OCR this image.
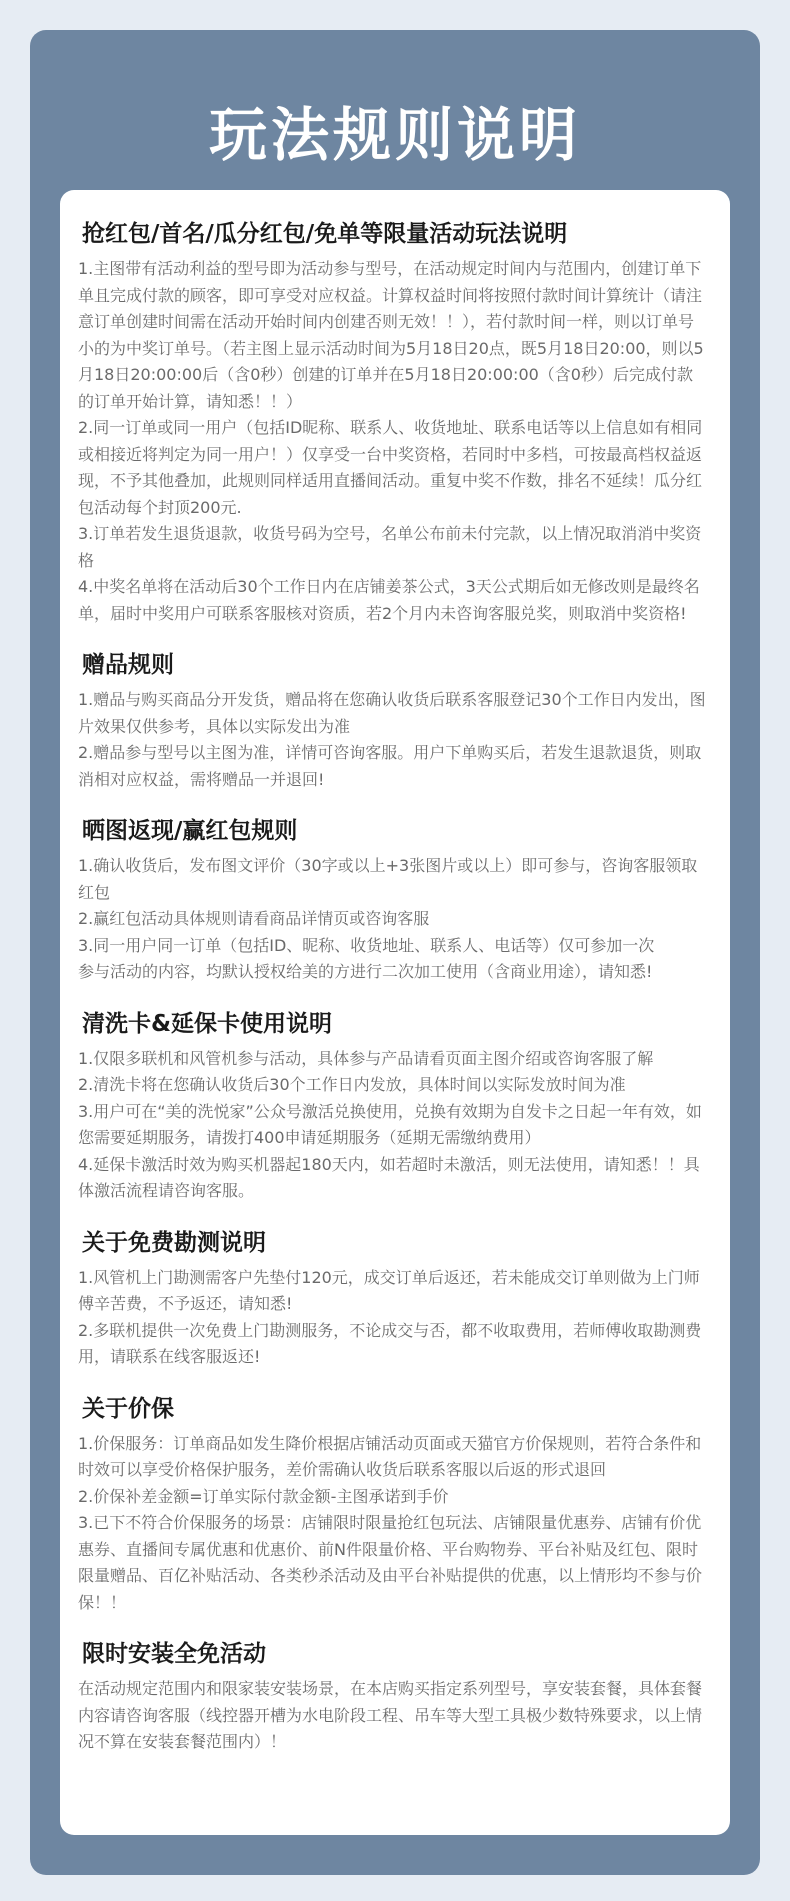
玩法规则说明
抢红包/首名/瓜分红包/免单等限量活动玩法说明
1.主图带有活动利益的型号即为活动参与型号，在活动规定时间内与范围内，创建订单下单且完成付款的顾客，即可享受对应权益。计算权益时间将按照付款时间计算统计（请注意订单创建时间需在活动开始时间内创建否则无效！！），若付款时间一样，则以订单号小的为中奖订单号。（若主图上显示活动时间为5月18日20点，既5月18日20:00，则以5月18日20:00:00后（含0秒）创建的订单并在5月18日20:00:00（含0秒）后完成付款的订单开始计算，请知悉！！）
2.同一订单或同一用户（包括ID昵称、联系人、收货地址、联系电话等以上信息如有相同或相接近将判定为同一用户！）仅享受一台中奖资格，若同时中多档，可按最高档权益返现，不予其他叠加，此规则同样适用直播间活动。重复中奖不作数，排名不延续！瓜分红包活动每个封顶200元.
3.订单若发生退货退款，收货号码为空号，名单公布前未付完款，以上情况取消消中奖资格
4.中奖名单将在活动后30个工作日内在店铺姜茶公式，3天公式期后如无修改则是最终名单，届时中奖用户可联系客服核对资质，若2个月内未咨询客服兑奖，则取消中奖资格!
赠品规则
1.赠品与购买商品分开发货，赠品将在您确认收货后联系客服登记30个工作日内发出，图片效果仅供参考，具体以实际发出为准
2.赠品参与型号以主图为准，详情可咨询客服。用户下单购买后，若发生退款退货，则取消相对应权益，需将赠品一并退回!
晒图返现/赢红包规则
1.确认收货后，发布图文评价（30字或以上+3张图片或以上）即可参与，咨询客服领取红包
2.赢红包活动具体规则请看商品详情页或咨询客服
3.同一用户同一订单（包括ID、昵称、收货地址、联系人、电话等）仅可参加一次
参与活动的内容，均默认授权给美的方进行二次加工使用（含商业用途），请知悉!
清洗卡&延保卡使用说明
1.仅限多联机和风管机参与活动，具体参与产品请看页面主图介绍或咨询客服了解
2.清洗卡将在您确认收货后30个工作日内发放，具体时间以实际发放时间为准
3.用户可在“美的洗悦家”公众号激活兑换使用，兑换有效期为自发卡之日起一年有效，如您需要延期服务，请拨打400申请延期服务（延期无需缴纳费用）
4.延保卡激活时效为购买机器起180天内，如若超时未激活，则无法使用，请知悉！！具体激活流程请咨询客服。
关于免费勘测说明
1.风管机上门勘测需客户先垫付120元，成交订单后返还，若未能成交订单则做为上门师傅辛苦费，不予返还，请知悉!
2.多联机提供一次免费上门勘测服务，不论成交与否，都不收取费用，若师傅收取勘测费用，请联系在线客服返还!
关于价保
1.价保服务：订单商品如发生降价根据店铺活动页面或天猫官方价保规则，若符合条件和时效可以享受价格保护服务，差价需确认收货后联系客服以后返的形式退回
2.价保补差金额=订单实际付款金额-主图承诺到手价
3.已下不符合价保服务的场景：店铺限时限量抢红包玩法、店铺限量优惠券、店铺有价优惠券、直播间专属优惠和优惠价、前N件限量价格、平台购物券、平台补贴及红包、限时限量赠品、百亿补贴活动、各类秒杀活动及由平台补贴提供的优惠，以上情形均不参与价保！！
限时安装全免活动
在活动规定范围内和限家装安装场景，在本店购买指定系列型号，享安装套餐，具体套餐内容请咨询客服（线控器开槽为水电阶段工程、吊车等大型工具极少数特殊要求，以上情况不算在安装套餐范围内）！
